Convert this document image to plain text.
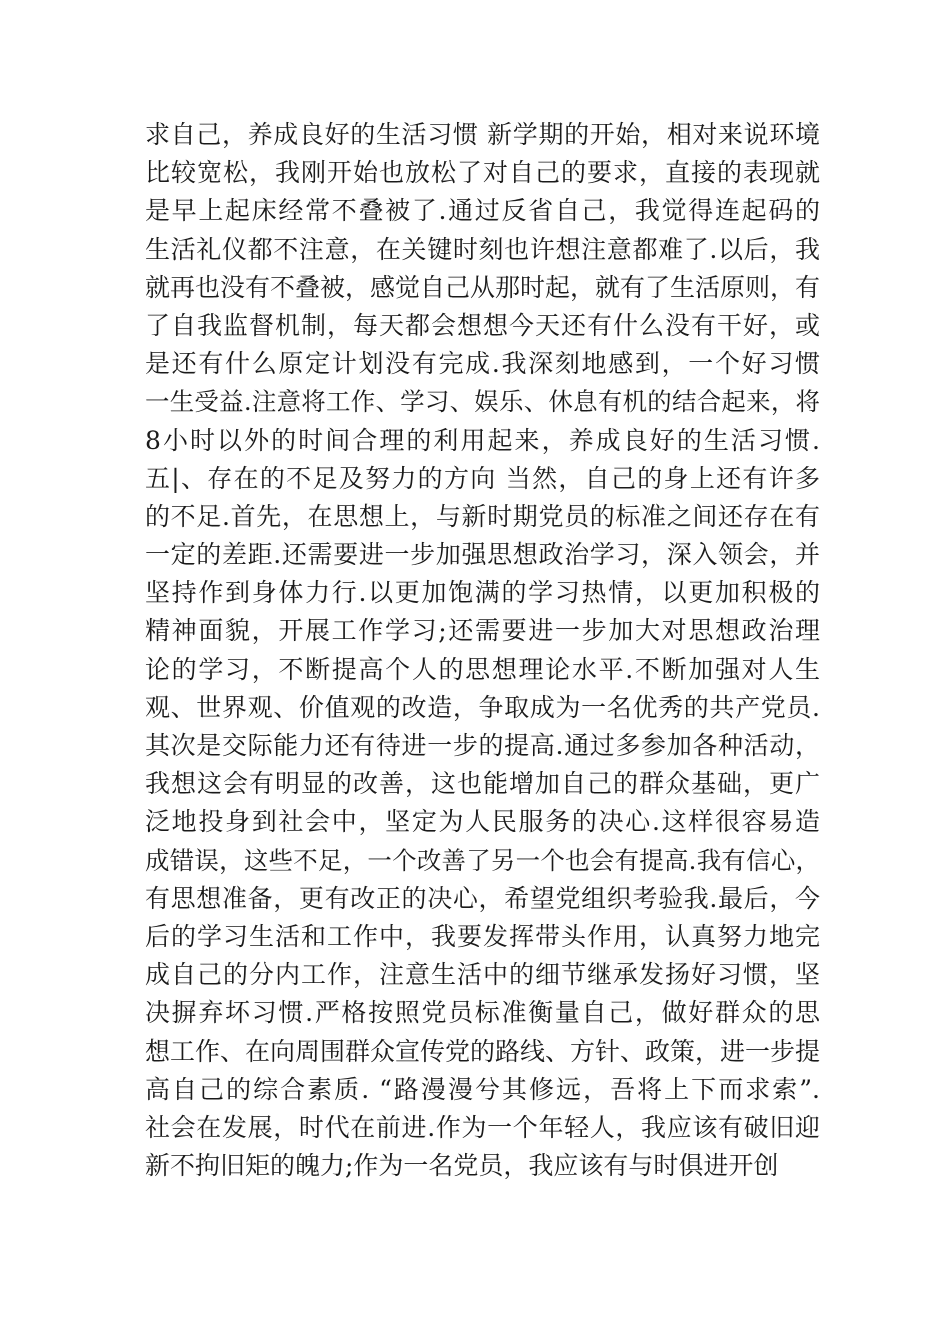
求自己，养成良好的生活习惯 新学期的开始，相对来说环境
比较宽松，我刚开始也放松了对自己的要求，直接的表现就
是早上起床经常不叠被了.通过反省自己，我觉得连起码的
生活礼仪都不注意，在关键时刻也许想注意都难了.以后，我
就再也没有不叠被，感觉自己从那时起，就有了生活原则，有
了自我监督机制，每天都会想想今天还有什么没有干好，或
是还有什么原定计划没有完成.我深刻地感到，一个好习惯
一生受益.注意将工作、学习、娱乐、休息有机的结合起来，将
8小时以外的时间合理的利用起来，养成良好的生活习惯.
五|、存在的不足及努力的方向 当然，自己的身上还有许多
的不足.首先，在思想上，与新时期党员的标准之间还存在有
一定的差距.还需要进一步加强思想政治学习，深入领会，并
坚持作到身体力行.以更加饱满的学习热情，以更加积极的
精神面貌，开展工作学习;还需要进一步加大对思想政治理
论的学习，不断提高个人的思想理论水平.不断加强对人生
观、世界观、价值观的改造，争取成为一名优秀的共产党员.
其次是交际能力还有待进一步的提高.通过多参加各种活动，
我想这会有明显的改善，这也能增加自己的群众基础，更广
泛地投身到社会中，坚定为人民服务的决心.这样很容易造
成错误，这些不足，一个改善了另一个也会有提高.我有信心，
有思想准备，更有改正的决心，希望党组织考验我.最后，今
后的学习生活和工作中，我要发挥带头作用，认真努力地完
成自己的分内工作，注意生活中的细节继承发扬好习惯，坚
决摒弃坏习惯.严格按照党员标准衡量自己，做好群众的思
想工作、在向周围群众宣传党的路线、方针、政策，进一步提
高自己的综合素质. “路漫漫兮其修远，吾将上下而求索”.
社会在发展，时代在前进.作为一个年轻人，我应该有破旧迎
新不拘旧矩的魄力;作为一名党员，我应该有与时俱进开创
